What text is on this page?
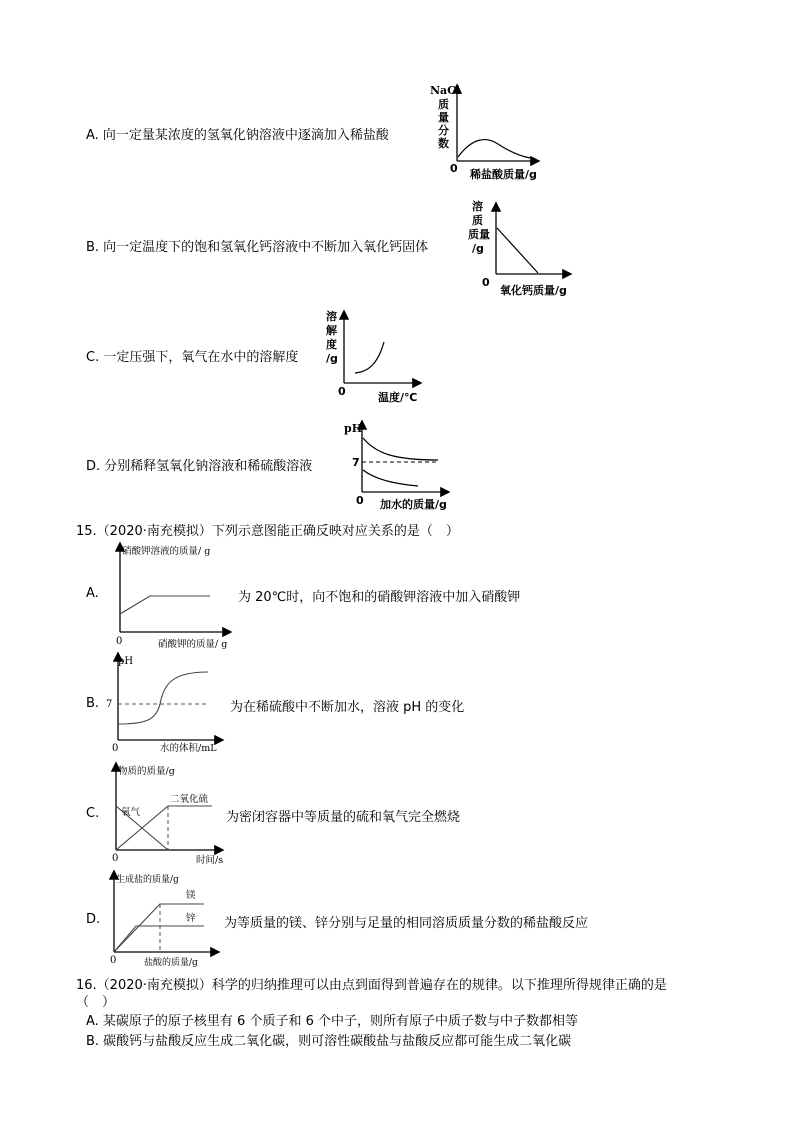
A. 向一定量某浓度的氢氧化钠溶液中逐滴加入稀盐酸
NaCl
质
量
分
数
0 稀盐酸质量/g
B. 向一定温度下的饱和氢氧化钙溶液中不断加入氧化钙固体
溶
质
质量
/g
0
氧化钙质量/g
C. 一定压强下，氧气在水中的溶解度
溶
解
度
/g
0	温度/℃
D. 分别稀释氢氧化钠溶液和稀硫酸溶液
pH
7
0 加水的质量/g
15.（2020·南充模拟）下列示意图能正确反映对应关系的是（　）
A.	为 20℃时，向不饱和的硝酸钾溶液中加入硝酸钾
硝酸钾溶液的质量/ g
0	硝酸钾的质量/ g
B.	为在稀硫酸中不断加水，溶液 pH 的变化
pH
7
0	水的体积/mL
C.	为密闭容器中等质量的硫和氧气完全燃烧
物质的质量/g
氧气
二氧化硫
0	时间/s
D.	为等质量的镁、锌分别与足量的相同溶质质量分数的稀盐酸反应
生成盐的质量/g
镁
锌
0	盐酸的质量/g
16.（2020·南充模拟）科学的归纳推理可以由点到面得到普遍存在的规律。以下推理所得规律正确的是
（　）
A. 某碳原子的原子核里有 6 个质子和 6 个中子，则所有原子中质子数与中子数都相等
B. 碳酸钙与盐酸反应生成二氧化碳，则可溶性碳酸盐与盐酸反应都可能生成二氧化碳
